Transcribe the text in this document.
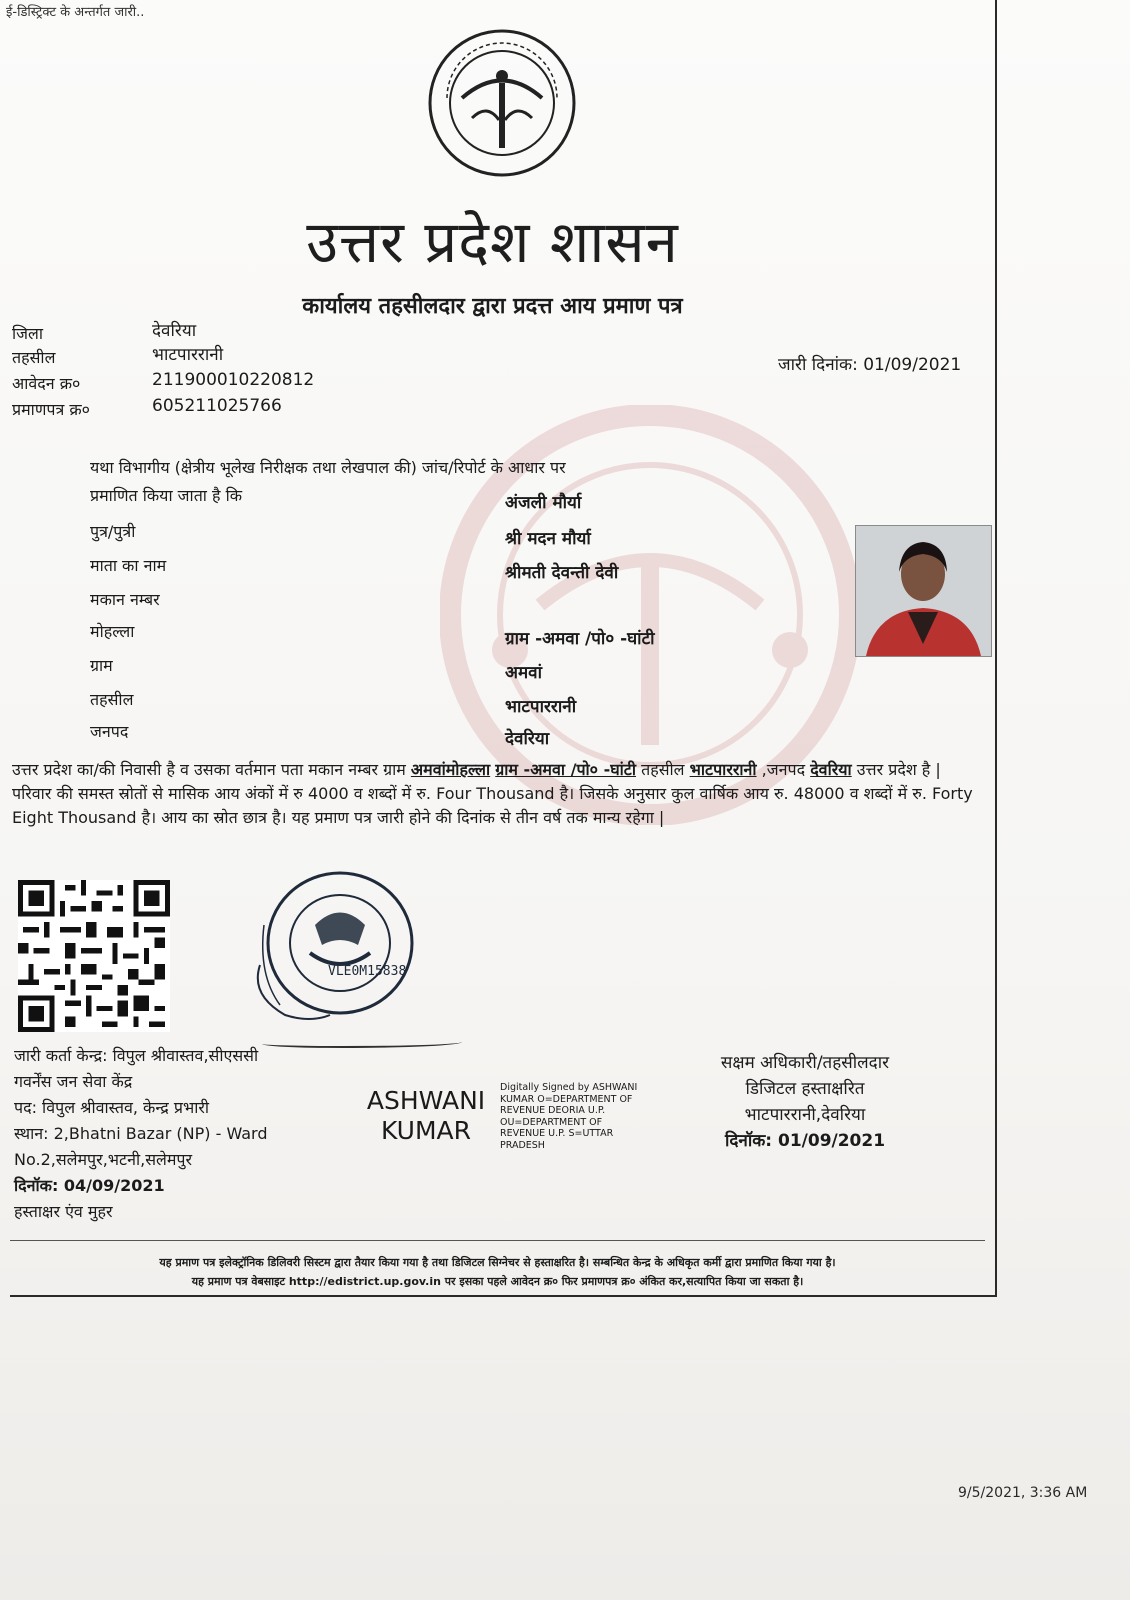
ई-डिस्ट्रिक्ट के अन्तर्गत जारी..
उत्तर प्रदेश शासन
कार्यालय तहसीलदार द्वारा प्रदत्त आय प्रमाण पत्र
जिला	देवरिया
तहसील	भाटपाररानी
आवेदन क्र०	211900010220812
प्रमाणपत्र क्र०	605211025766
जारी दिनांक: 01/09/2021
यथा विभागीय (क्षेत्रीय भूलेख निरीक्षक तथा लेखपाल की) जांच/रिपोर्ट के आधार पर
प्रमाणित किया जाता है कि	अंजली मौर्या
पुत्र/पुत्री	श्री मदन मौर्या
माता का नाम	श्रीमती देवन्ती देवी
मकान नम्बर
मोहल्ला	ग्राम -अमवा /पो० -घांटी
ग्राम	अमवां
तहसील	भाटपाररानी
जनपद	देवरिया
उत्तर प्रदेश का/की निवासी है व उसका वर्तमान पता मकान नम्बर ग्राम अमवांमोहल्ला ग्राम -अमवा /पो० -घांटी तहसील भाटपाररानी ,जनपद देवरिया उत्तर प्रदेश है | परिवार की समस्त स्रोतों से मासिक आय अंकों में रु 4000 व शब्दों में रु. Four Thousand है। जिसके अनुसार कुल वार्षिक आय रु. 48000 व शब्दों में रु. Forty Eight Thousand है। आय का स्रोत छात्र है। यह प्रमाण पत्र जारी होने की दिनांक से तीन वर्ष तक मान्य रहेगा |
VLE0M15838
जारी कर्ता केन्द्र: विपुल श्रीवास्तव,सीएससी
गवर्नेंस जन सेवा केंद्र
पद: विपुल श्रीवास्तव, केन्द्र प्रभारी
स्थान: 2,Bhatni Bazar (NP) - Ward
No.2,सलेमपुर,भटनी,सलेमपुर
दिनॉक: 04/09/2021
हस्ताक्षर एंव मुहर
ASHWANI
KUMAR
Digitally Signed by ASHWANI KUMAR O=DEPARTMENT OF REVENUE DEORIA U.P. OU=DEPARTMENT OF REVENUE U.P. S=UTTAR PRADESH
सक्षम अधिकारी/तहसीलदार
डिजिटल हस्ताक्षरित
भाटपाररानी,देवरिया
दिनॉक: 01/09/2021
यह प्रमाण पत्र इलेक्ट्रॉनिक डिलिवरी सिस्टम द्वारा तैयार किया गया है तथा डिजिटल सिग्नेचर से हस्ताक्षरित है। सम्बन्धित केन्द्र के अधिकृत कर्मी द्वारा प्रमाणित किया गया है।
यह प्रमाण पत्र वेबसाइट http://edistrict.up.gov.in पर इसका पहले आवेदन क्र० फिर प्रमाणपत्र क्र० अंकित कर,सत्यापित किया जा सकता है।
9/5/2021, 3:36 AM
